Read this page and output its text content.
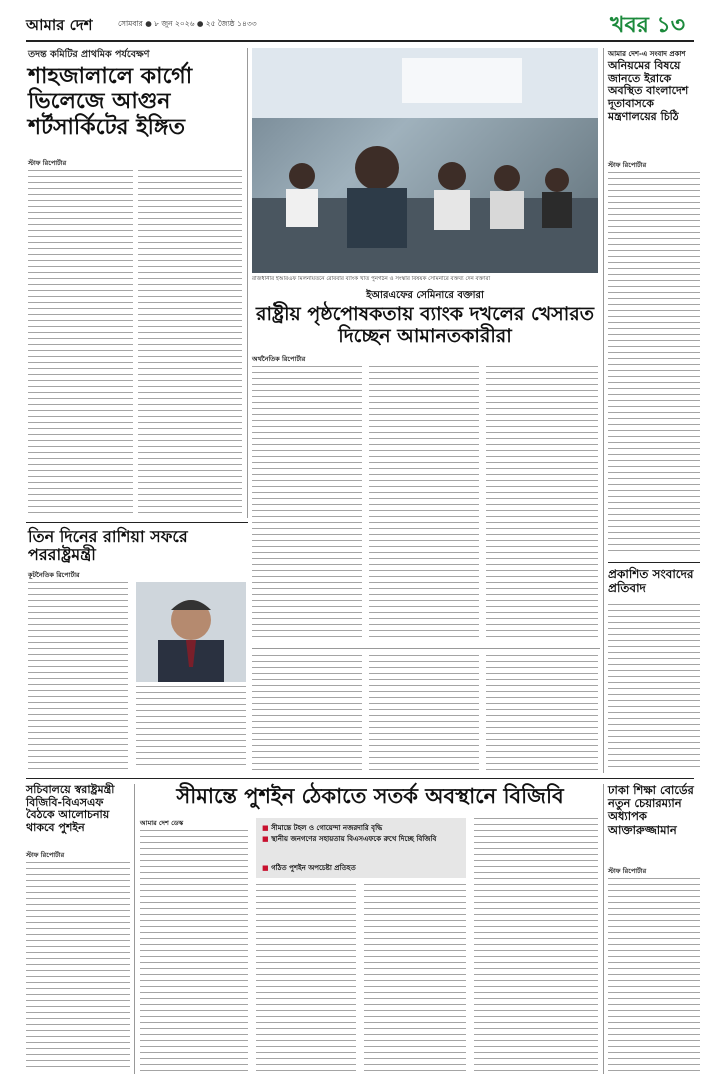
আমার দেশ	সোমবার ● ৮ জুন ২০২৬ ● ২৫ জ্যৈষ্ঠ ১৪৩৩	খবর ১৩
তদন্ত কমিটির প্রাথমিক পর্যবেক্ষণ
শাহজালালে কার্গো ভিলেজে আগুন শর্টসার্কিটের ইঙ্গিত
স্টাফ রিপোর্টার
রাজধানীর ইআরএফ মিলনায়তনে রোববার ব্যাংক খাত পুনর্গঠন ও সংস্কার বিষয়ক সেমিনারে বক্তব্য দেন বক্তারা
ইআরএফের সেমিনারে বক্তারা
রাষ্ট্রীয় পৃষ্ঠপোষকতায় ব্যাংক দখলের খেসারত দিচ্ছেন আমানতকারীরা
অর্থনৈতিক রিপোর্টার
আমার দেশ-এ সংবাদ প্রকাশ
অনিয়মের বিষয়ে জানতে ইরাকে অবস্থিত বাংলাদেশ দূতাবাসকে মন্ত্রণালয়ের চিঠি
স্টাফ রিপোর্টার
প্রকাশিত সংবাদের প্রতিবাদ
তিন দিনের রাশিয়া সফরে পররাষ্ট্রমন্ত্রী
কূটনৈতিক রিপোর্টার
সচিবালয়ে স্বরাষ্ট্রমন্ত্রী বিজিবি-বিএসএফ বৈঠকে আলোচনায় থাকবে পুশইন
স্টাফ রিপোর্টার
সীমান্তে পুশইন ঠেকাতে সতর্ক অবস্থানে বিজিবি
আমার দেশ ডেস্ক
■ সীমান্তে টহল ও গোয়েন্দা নজরদারি বৃদ্ধি
■ স্থানীয় জনগণের সহায়তায় বিএসএফকে রুখে দিচ্ছে বিজিবি
■ গঠিত পুশইন অপচেষ্টা প্রতিহত
ঢাকা শিক্ষা বোর্ডের নতুন চেয়ারম্যান অধ্যাপক আক্তারুজ্জামান
স্টাফ রিপোর্টার
